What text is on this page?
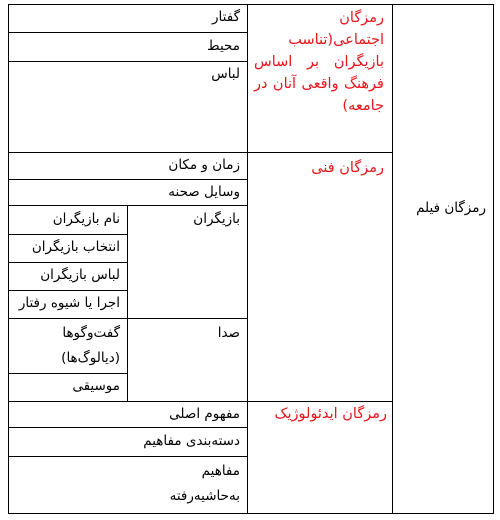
رمزگان فیلم
رمزگان اجتماعی(تناسب بازیگران بر اساس فرهنگ واقعی آنان در جامعه)
رمزگان فنی
رمزگان ایدئولوژیک
گفتار
محیط
لباس
زمان و مکان
وسایل صحنه
بازیگران
صدا
نام بازیگران
انتخاب بازیگران
لباس بازیگران
اجرا یا شیوه رفتار
گفت‌وگوها (دیالوگ‌ها)
موسیقی
مفهوم اصلی
دسته‌بندی مفاهیم
مفاهیم به‌حاشیه‌رفته
